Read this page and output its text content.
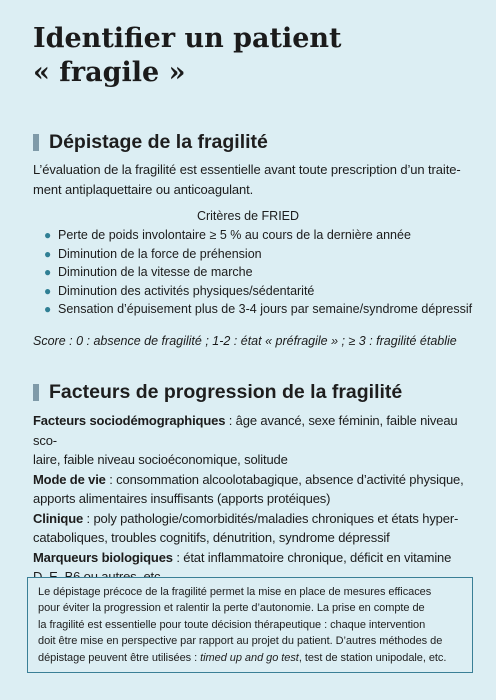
Identifier un patient
« fragile »
Dépistage de la fragilité

L’évaluation de la fragilité est essentielle avant toute prescription d’un traite-
ment antiplaquettaire ou anticoagulant.

Critères de FRIED
● Perte de poids involontaire ≥ 5 % au cours de la dernière année
● Diminution de la force de préhension
● Diminution de la vitesse de marche
● Diminution des activités physiques/sédentarité
● Sensation d’épuisement plus de 3-4 jours par semaine/syndrome dépressif

Score : 0 : absence de fragilité ; 1-2 : état « préfragile » ; ≥ 3 : fragilité établie

Facteurs de progression de la fragilité
Facteurs sociodémographiques : âge avancé, sexe féminin, faible niveau sco-
laire, faible niveau socioéconomique, solitude
Mode de vie : consommation alcoolotabagique, absence d’activité physique,
apports alimentaires insuffisants (apports protéiques)
Clinique : poly pathologie/comorbidités/maladies chroniques et états hyper-
cataboliques, troubles cognitifs, dénutrition, syndrome dépressif
Marqueurs biologiques : état inflammatoire chronique, déficit en vitamine

Le dépistage précoce de la fragilité permet la mise en place de mesures efficaces
pour éviter la progression et ralentir la perte d’autonomie. La prise en compte de
la fragilité est essentielle pour toute décision thérapeutique : chaque intervention
doit être mise en perspective par rapport au projet du patient. D’autres méthodes de
dépistage peuvent être utilisées : timed up and go test, test de station unipodale, etc.
